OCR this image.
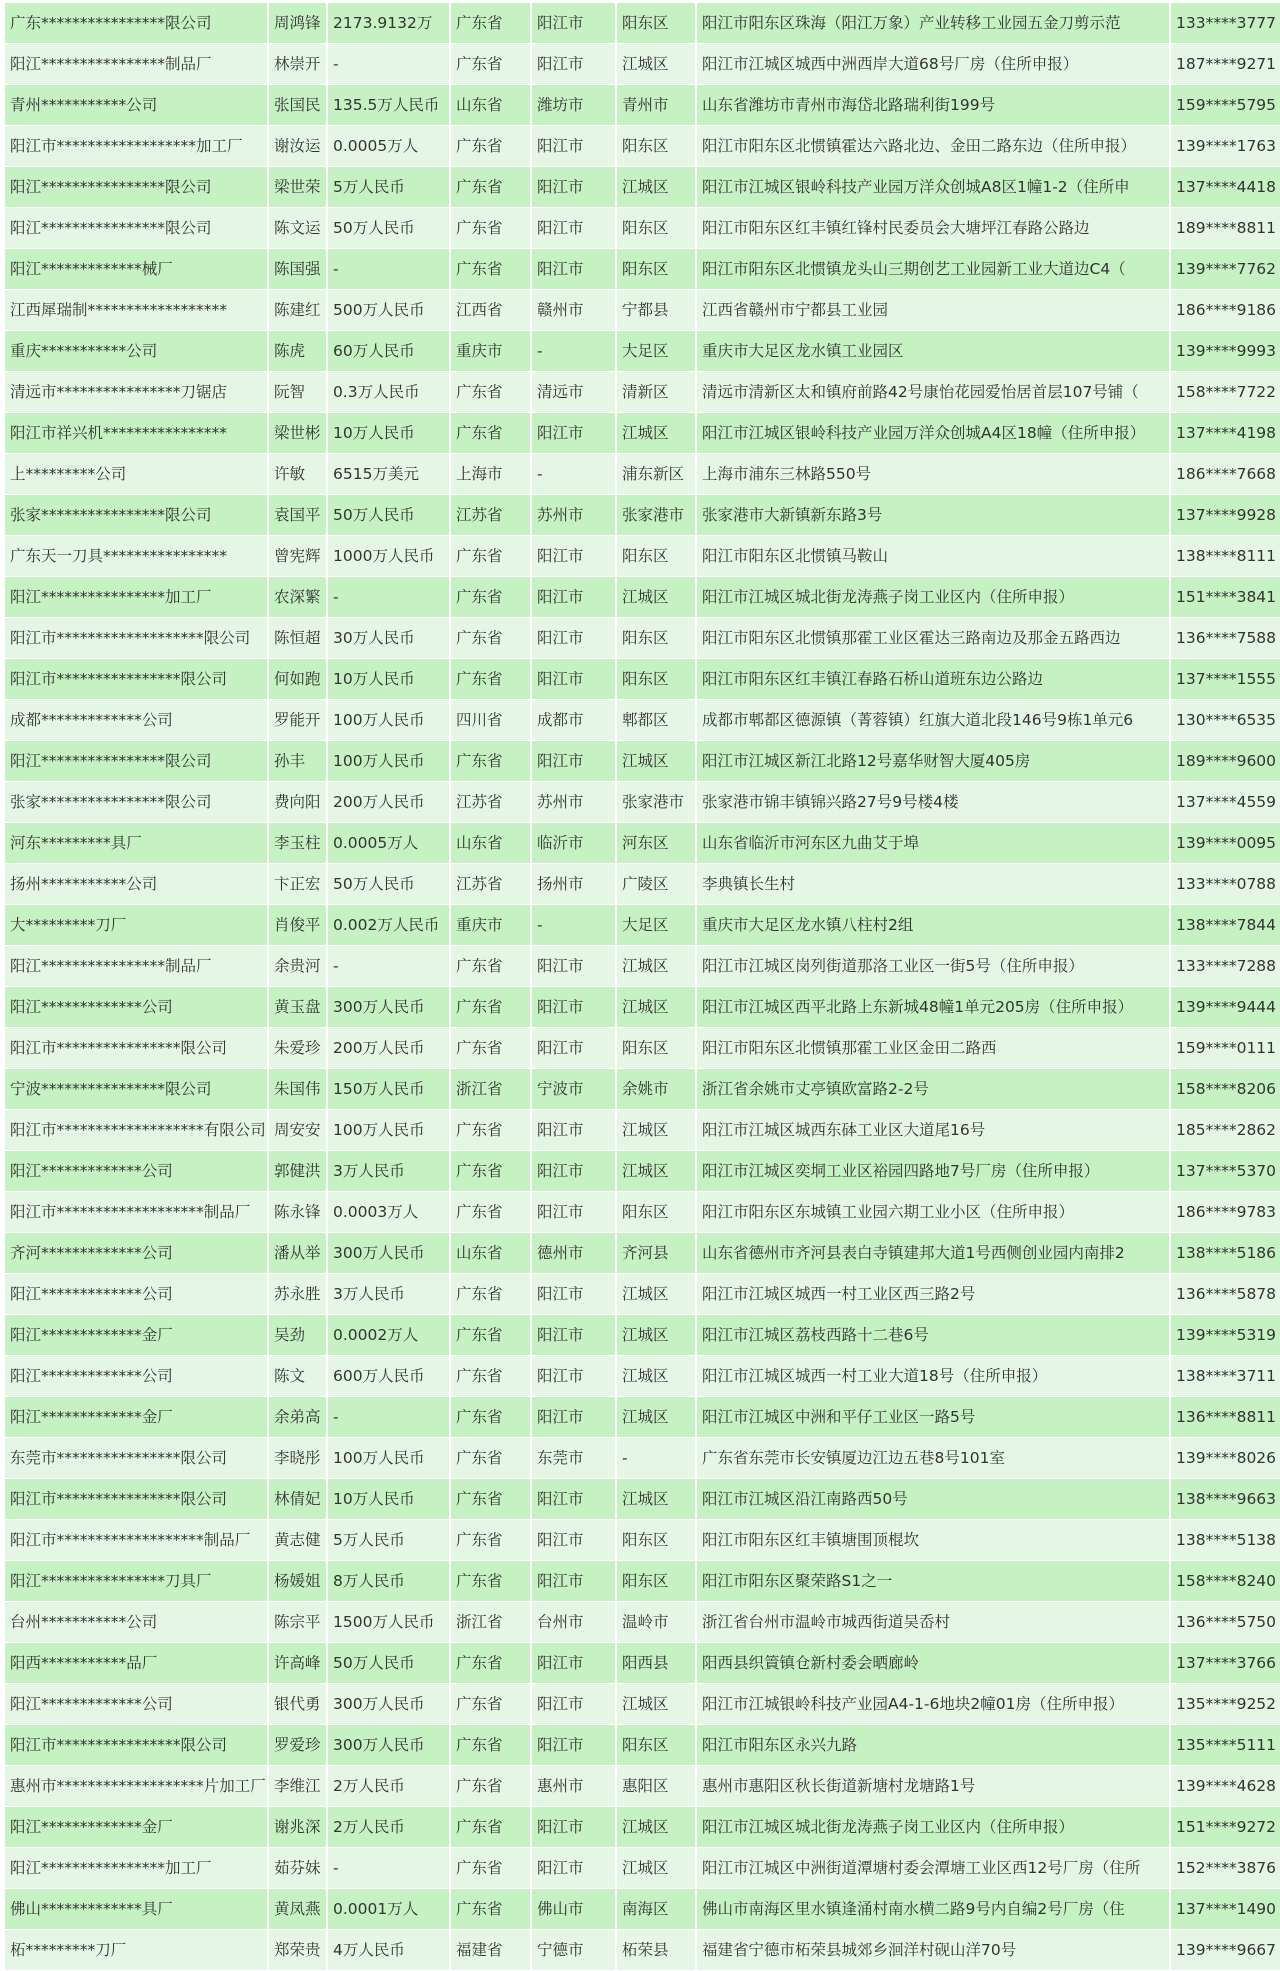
广东****************限公司	周鸿锋	2173.9132万	广东省	阳江市	阳东区	阳江市阳东区珠海（阳江万象）产业转移工业园五金刀剪示范	133****3777
阳江****************制品厂	林崇开	-	广东省	阳江市	江城区	阳江市江城区城西中洲西岸大道68号厂房（住所申报）	187****9271
青州***********公司	张国民	135.5万人民币	山东省	潍坊市	青州市	山东省潍坊市青州市海岱北路瑞利街199号	159****5795
阳江市******************加工厂	谢汝运	0.0005万人	广东省	阳江市	阳东区	阳江市阳东区北惯镇霍达六路北边、金田二路东边（住所申报）	139****1763
阳江****************限公司	梁世荣	5万人民币	广东省	阳江市	江城区	阳江市江城区银岭科技产业园万洋众创城A8区1幢1-2（住所申	137****4418
阳江****************限公司	陈文运	50万人民币	广东省	阳江市	阳东区	阳江市阳东区红丰镇红锋村民委员会大塘坪江春路公路边	189****8811
阳江*************械厂	陈国强	-	广东省	阳江市	阳东区	阳江市阳东区北惯镇龙头山三期创艺工业园新工业大道边C4（	139****7762
江西犀瑞制******************	陈建红	500万人民币	江西省	赣州市	宁都县	江西省赣州市宁都县工业园	186****9186
重庆***********公司	陈虎	60万人民币	重庆市	-	大足区	重庆市大足区龙水镇工业园区	139****9993
清远市****************刀锯店	阮智	0.3万人民币	广东省	清远市	清新区	清远市清新区太和镇府前路42号康怡花园爱怡居首层107号铺（	158****7722
阳江市祥兴机****************	梁世彬	10万人民币	广东省	阳江市	江城区	阳江市江城区银岭科技产业园万洋众创城A4区18幢（住所申报）	137****4198
上*********公司	许敏	6515万美元	上海市	-	浦东新区	上海市浦东三林路550号	186****7668
张家****************限公司	袁国平	50万人民币	江苏省	苏州市	张家港市	张家港市大新镇新东路3号	137****9928
广东天一刀具****************	曾宪辉	1000万人民币	广东省	阳江市	阳东区	阳江市阳东区北惯镇马鞍山	138****8111
阳江****************加工厂	农深繁	-	广东省	阳江市	江城区	阳江市江城区城北街龙涛燕子岗工业区内（住所申报）	151****3841
阳江市*******************限公司	陈恒超	30万人民币	广东省	阳江市	阳东区	阳江市阳东区北惯镇那霍工业区霍达三路南边及那金五路西边	136****7588
阳江市****************限公司	何如跑	10万人民币	广东省	阳江市	阳东区	阳江市阳东区红丰镇江春路石桥山道班东边公路边	137****1555
成都*************公司	罗能开	100万人民币	四川省	成都市	郫都区	成都市郫都区德源镇（菁蓉镇）红旗大道北段146号9栋1单元6	130****6535
阳江****************限公司	孙丰	100万人民币	广东省	阳江市	江城区	阳江市江城区新江北路12号嘉华财智大厦405房	189****9600
张家****************限公司	费向阳	200万人民币	江苏省	苏州市	张家港市	张家港市锦丰镇锦兴路27号9号楼4楼	137****4559
河东*********具厂	李玉柱	0.0005万人	山东省	临沂市	河东区	山东省临沂市河东区九曲艾于埠	139****0095
扬州***********公司	卞正宏	50万人民币	江苏省	扬州市	广陵区	李典镇长生村	133****0788
大*********刀厂	肖俊平	0.002万人民币	重庆市	-	大足区	重庆市大足区龙水镇八柱村2组	138****7844
阳江****************制品厂	余贵河	-	广东省	阳江市	江城区	阳江市江城区岗列街道那洛工业区一街5号（住所申报）	133****7288
阳江*************公司	黄玉盘	300万人民币	广东省	阳江市	江城区	阳江市江城区西平北路上东新城48幢1单元205房（住所申报）	139****9444
阳江市****************限公司	朱爱珍	200万人民币	广东省	阳江市	阳东区	阳江市阳东区北惯镇那霍工业区金田二路西	159****0111
宁波****************限公司	朱国伟	150万人民币	浙江省	宁波市	余姚市	浙江省余姚市丈亭镇欧富路2-2号	158****8206
阳江市*******************有限公司	周安安	100万人民币	广东省	阳江市	江城区	阳江市江城区城西东砵工业区大道尾16号	185****2862
阳江*************公司	郭健洪	3万人民币	广东省	阳江市	江城区	阳江市江城区奕垌工业区裕园四路地7号厂房（住所申报）	137****5370
阳江市*******************制品厂	陈永锋	0.0003万人	广东省	阳江市	阳东区	阳江市阳东区东城镇工业园六期工业小区（住所申报）	186****9783
齐河*************公司	潘从举	300万人民币	山东省	德州市	齐河县	山东省德州市齐河县表白寺镇建邦大道1号西侧创业园内南排2	138****5186
阳江*************公司	苏永胜	3万人民币	广东省	阳江市	江城区	阳江市江城区城西一村工业区西三路2号	136****5878
阳江*************金厂	吴劲	0.0002万人	广东省	阳江市	江城区	阳江市江城区荔枝西路十二巷6号	139****5319
阳江*************公司	陈文	600万人民币	广东省	阳江市	江城区	阳江市江城区城西一村工业大道18号（住所申报）	138****3711
阳江*************金厂	余弟高	-	广东省	阳江市	江城区	阳江市江城区中洲和平仔工业区一路5号	136****8811
东莞市****************限公司	李晓彤	100万人民币	广东省	东莞市	-	广东省东莞市长安镇厦边江边五巷8号101室	139****8026
阳江市****************限公司	林倩妃	10万人民币	广东省	阳江市	江城区	阳江市江城区沿江南路西50号	138****9663
阳江市*******************制品厂	黄志健	5万人民币	广东省	阳江市	阳东区	阳江市阳东区红丰镇塘围顶棍坎	138****5138
阳江****************刀具厂	杨媛姐	8万人民币	广东省	阳江市	阳东区	阳江市阳东区聚荣路S1之一	158****8240
台州***********公司	陈宗平	1500万人民币	浙江省	台州市	温岭市	浙江省台州市温岭市城西街道吴岙村	136****5750
阳西***********品厂	许高峰	50万人民币	广东省	阳江市	阳西县	阳西县织篢镇仓新村委会晒廊岭	137****3766
阳江*************公司	银代勇	300万人民币	广东省	阳江市	江城区	阳江市江城银岭科技产业园A4-1-6地块2幢01房（住所申报）	135****9252
阳江市****************限公司	罗爱珍	300万人民币	广东省	阳江市	阳东区	阳江市阳东区永兴九路	135****5111
惠州市*******************片加工厂	李维江	2万人民币	广东省	惠州市	惠阳区	惠州市惠阳区秋长街道新塘村龙塘路1号	139****4628
阳江*************金厂	谢兆深	2万人民币	广东省	阳江市	江城区	阳江市江城区城北街龙涛燕子岗工业区内（住所申报）	151****9272
阳江****************加工厂	茹芬妹	-	广东省	阳江市	江城区	阳江市江城区中洲街道潭塘村委会潭塘工业区西12号厂房（住所	152****3876
佛山*************具厂	黄凤燕	0.0001万人	广东省	佛山市	南海区	佛山市南海区里水镇逢涌村南水横二路9号内自编2号厂房（住	137****1490
柘*********刀厂	郑荣贵	4万人民币	福建省	宁德市	柘荣县	福建省宁德市柘荣县城郊乡洄洋村砚山洋70号	139****9667
